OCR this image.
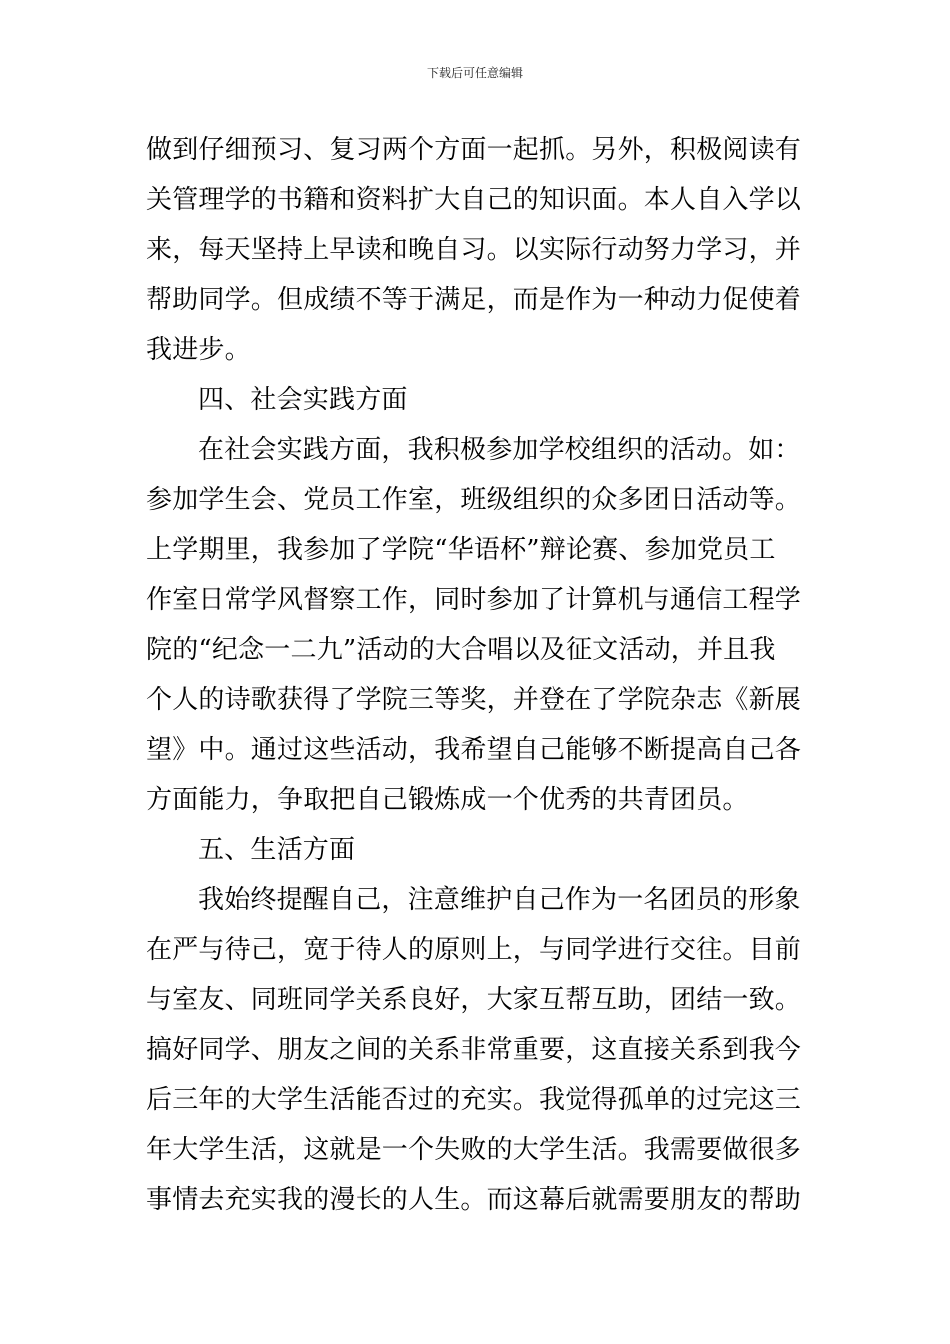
下载后可任意编辑
做到仔细预习、复习两个方面一起抓。另外，积极阅读有
关管理学的书籍和资料扩大自己的知识面。本人自入学以
来，每天坚持上早读和晚自习。以实际行动努力学习，并
帮助同学。但成绩不等于满足，而是作为一种动力促使着
我进步。
四、社会实践方面
在社会实践方面，我积极参加学校组织的活动。如：
参加学生会、党员工作室，班级组织的众多团日活动等。
上学期里，我参加了学院“华语杯”辩论赛、参加党员工
作室日常学风督察工作，同时参加了计算机与通信工程学
院的“纪念一二九”活动的大合唱以及征文活动，并且我
个人的诗歌获得了学院三等奖，并登在了学院杂志《新展
望》中。通过这些活动，我希望自己能够不断提高自己各
方面能力，争取把自己锻炼成一个优秀的共青团员。
五、生活方面
我始终提醒自己，注意维护自己作为一名团员的形象
在严与待己，宽于待人的原则上，与同学进行交往。目前
与室友、同班同学关系良好，大家互帮互助，团结一致。
搞好同学、朋友之间的关系非常重要，这直接关系到我今
后三年的大学生活能否过的充实。我觉得孤单的过完这三
年大学生活，这就是一个失败的大学生活。我需要做很多
事情去充实我的漫长的人生。而这幕后就需要朋友的帮助
